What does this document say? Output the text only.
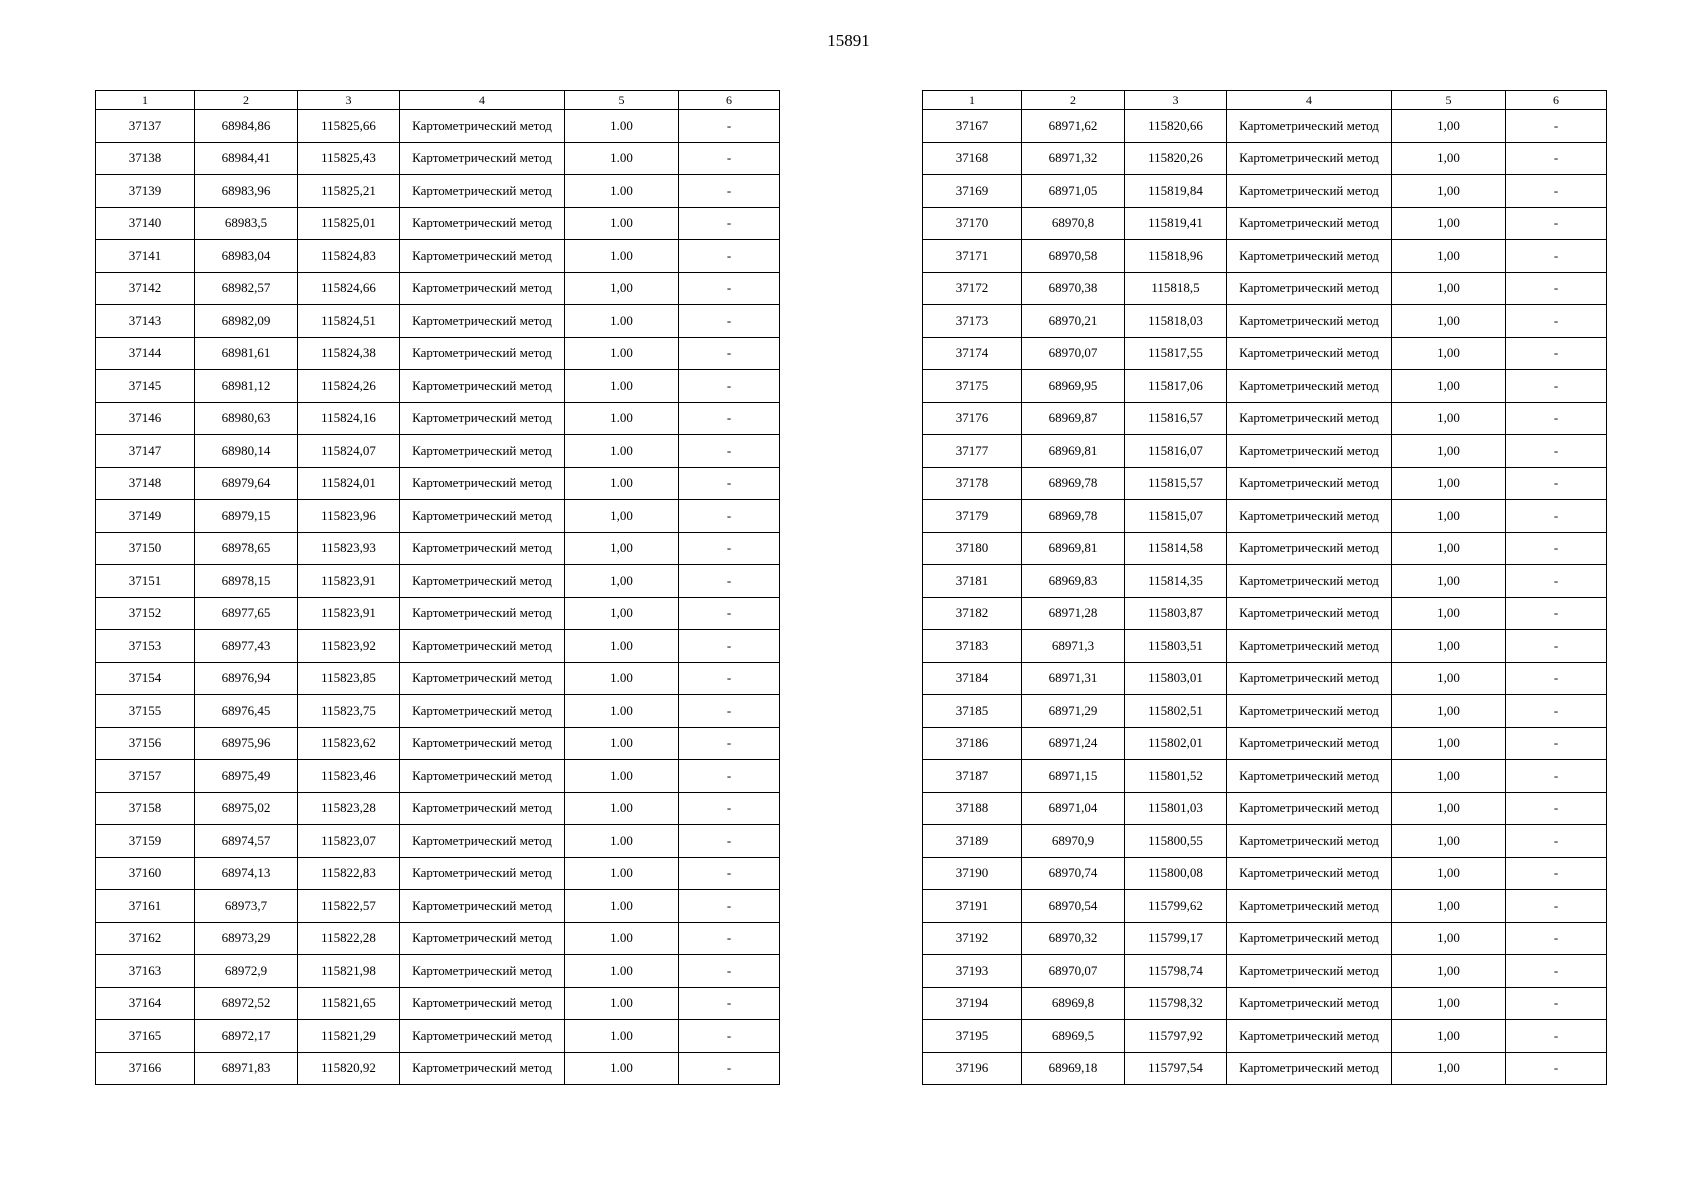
15891
1	2	3	4	5	6
37137	68984,86	115825,66	Картометрический метод	1.00	-
37138	68984,41	115825,43	Картометрический метод	1.00	-
37139	68983,96	115825,21	Картометрический метод	1.00	-
37140	68983,5	115825,01	Картометрический метод	1.00	-
37141	68983,04	115824,83	Картометрический метод	1.00	-
37142	68982,57	115824,66	Картометрический метод	1,00	-
37143	68982,09	115824,51	Картометрический метод	1.00	-
37144	68981,61	115824,38	Картометрический метод	1.00	-
37145	68981,12	115824,26	Картометрический метод	1.00	-
37146	68980,63	115824,16	Картометрический метод	1.00	-
37147	68980,14	115824,07	Картометрический метод	1.00	-
37148	68979,64	115824,01	Картометрический метод	1.00	-
37149	68979,15	115823,96	Картометрический метод	1,00	-
37150	68978,65	115823,93	Картометрический метод	1,00	-
37151	68978,15	115823,91	Картометрический метод	1,00	-
37152	68977,65	115823,91	Картометрический метод	1,00	-
37153	68977,43	115823,92	Картометрический метод	1.00	-
37154	68976,94	115823,85	Картометрический метод	1.00	-
37155	68976,45	115823,75	Картометрический метод	1.00	-
37156	68975,96	115823,62	Картометрический метод	1.00	-
37157	68975,49	115823,46	Картометрический метод	1.00	-
37158	68975,02	115823,28	Картометрический метод	1.00	-
37159	68974,57	115823,07	Картометрический метод	1.00	-
37160	68974,13	115822,83	Картометрический метод	1.00	-
37161	68973,7	115822,57	Картометрический метод	1.00	-
37162	68973,29	115822,28	Картометрический метод	1.00	-
37163	68972,9	115821,98	Картометрический метод	1.00	-
37164	68972,52	115821,65	Картометрический метод	1.00	-
37165	68972,17	115821,29	Картометрический метод	1.00	-
37166	68971,83	115820,92	Картометрический метод	1.00	-
1	2	3	4	5	6
37167	68971,62	115820,66	Картометрический метод	1,00	-
37168	68971,32	115820,26	Картометрический метод	1,00	-
37169	68971,05	115819,84	Картометрический метод	1,00	-
37170	68970,8	115819,41	Картометрический метод	1,00	-
37171	68970,58	115818,96	Картометрический метод	1,00	-
37172	68970,38	115818,5	Картометрический метод	1,00	-
37173	68970,21	115818,03	Картометрический метод	1,00	-
37174	68970,07	115817,55	Картометрический метод	1,00	-
37175	68969,95	115817,06	Картометрический метод	1,00	-
37176	68969,87	115816,57	Картометрический метод	1,00	-
37177	68969,81	115816,07	Картометрический метод	1,00	-
37178	68969,78	115815,57	Картометрический метод	1,00	-
37179	68969,78	115815,07	Картометрический метод	1,00	-
37180	68969,81	115814,58	Картометрический метод	1,00	-
37181	68969,83	115814,35	Картометрический метод	1,00	-
37182	68971,28	115803,87	Картометрический метод	1,00	-
37183	68971,3	115803,51	Картометрический метод	1,00	-
37184	68971,31	115803,01	Картометрический метод	1,00	-
37185	68971,29	115802,51	Картометрический метод	1,00	-
37186	68971,24	115802,01	Картометрический метод	1,00	-
37187	68971,15	115801,52	Картометрический метод	1,00	-
37188	68971,04	115801,03	Картометрический метод	1,00	-
37189	68970,9	115800,55	Картометрический метод	1,00	-
37190	68970,74	115800,08	Картометрический метод	1,00	-
37191	68970,54	115799,62	Картометрический метод	1,00	-
37192	68970,32	115799,17	Картометрический метод	1,00	-
37193	68970,07	115798,74	Картометрический метод	1,00	-
37194	68969,8	115798,32	Картометрический метод	1,00	-
37195	68969,5	115797,92	Картометрический метод	1,00	-
37196	68969,18	115797,54	Картометрический метод	1,00	-
